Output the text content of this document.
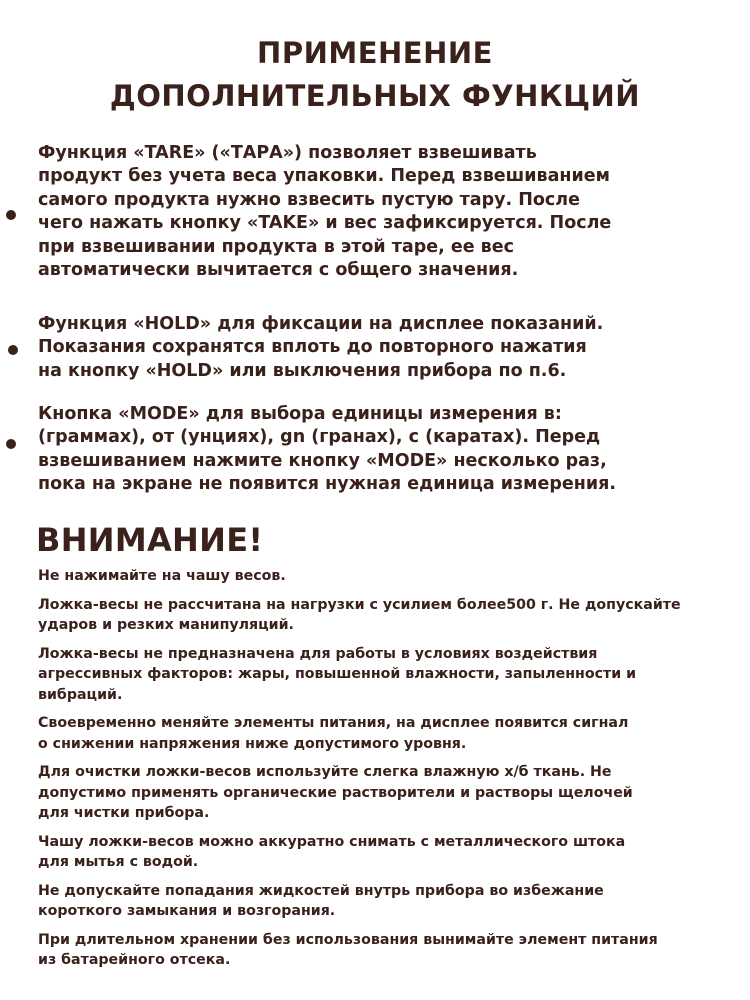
ПРИМЕНЕНИЕ
ДОПОЛНИТЕЛЬНЫХ ФУНКЦИЙ
Функция «TARE» («ТАРА») позволяет взвешивать
продукт без учета веса упаковки. Перед взвешиванием
самого продукта нужно взвесить пустую тару. После
чего нажать кнопку «TAKE» и вес зафиксируется. После
при взвешивании продукта в этой таре, ее вес
автоматически вычитается с общего значения.
Функция «HOLD» для фиксации на дисплее показаний.
Показания сохранятся вплоть до повторного нажатия
на кнопку «HOLD» или выключения прибора по п.6.
Кнопка «MODE» для выбора единицы измерения в:
(граммах), от (унциях), gn (гранах), с (каратах). Перед
взвешиванием нажмите кнопку «MODE» несколько раз,
пока на экране не появится нужная единица измерения.
ВНИМАНИЕ!
Не нажимайте на чашу весов.
Ложка-весы не рассчитана на нагрузки с усилием более500 г. Не допускайте
ударов и резких манипуляций.
Ложка-весы не предназначена для работы в условиях воздействия
агрессивных факторов: жары, повышенной влажности, запыленности и
вибраций.
Своевременно меняйте элементы питания, на дисплее появится сигнал
о снижении напряжения ниже допустимого уровня.
Для очистки ложки-весов используйте слегка влажную х/б ткань. Не
допустимо применять органические растворители и растворы щелочей
для чистки прибора.
Чашу ложки-весов можно аккуратно снимать с металлического штока
для мытья с водой.
Не допускайте попадания жидкостей внутрь прибора во избежание
короткого замыкания и возгорания.
При длительном хранении без использования вынимайте элемент питания
из батарейного отсека.
